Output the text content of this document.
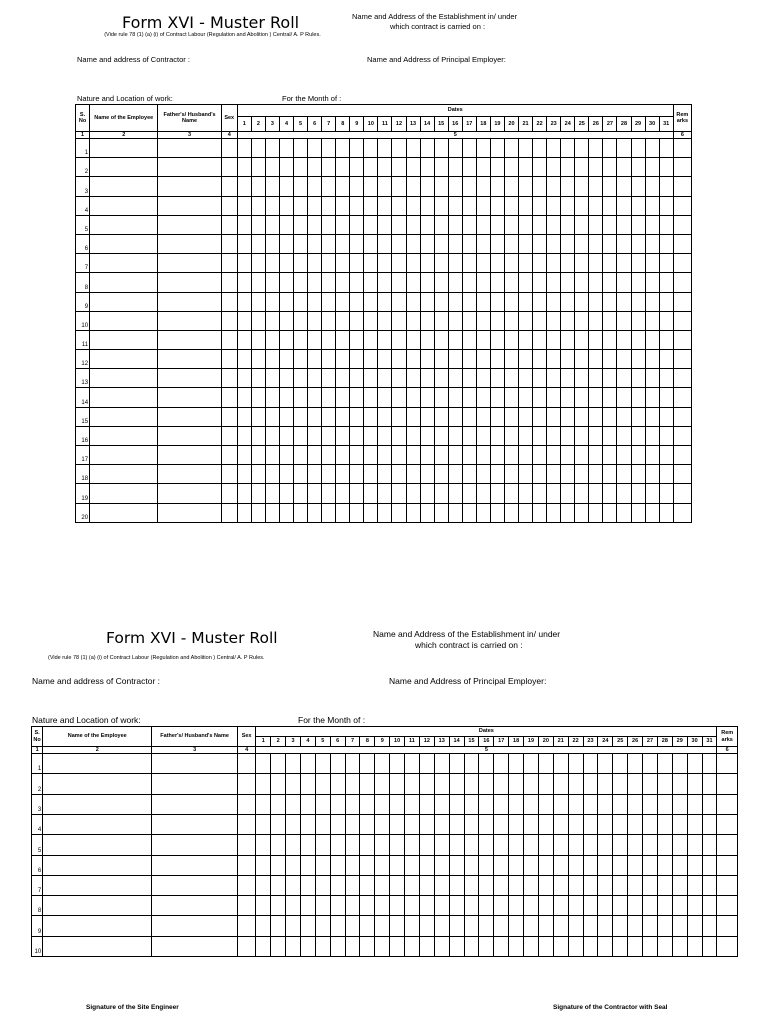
Form XVI - Muster Roll
(Vide rule 78 (1) (a) (i) of Contract Labour (Regulation and Abolition ) Central/ A. P Rules.
Name and Address of the Establishment in/ under
which contract is carried on :
Name and address of Contractor :	Name and Address of Principal Employer:
Nature and Location of work:	For the Month of :
S. No	Name of the Employee	Father's/ Husband's Name	Sex	Dates																															Rem arks
				1	2	3	4	5	6	7	8	9	10	11	12	13	14	15	16	17	18	19	20	21	22	23	24	25	26	27	28	29	30	31	
1	2	3	4	5																															6
1																																			
2																																			
3																																			
4																																			
5																																			
6																																			
7																																			
8																																			
9																																			
10																																			
11																																			
12																																			
13																																			
14																																			
15																																			
16																																			
17																																			
18																																			
19																																			
20																																			
Form XVI - Muster Roll
(Vide rule 78 (1) (a) (i) of Contract Labour (Regulation and Abolition ) Central/ A. P Rules.
Name and Address of the Establishment in/ under
which contract is carried on :
Name and address of Contractor :	Name and Address of Principal Employer:
Nature and Location of work:	For the Month of :
S. No	Name of the Employee	Father's/ Husband's Name	Sex	Dates																															Rem arks
				1	2	3	4	5	6	7	8	9	10	11	12	13	14	15	16	17	18	19	20	21	22	23	24	25	26	27	28	29	30	31	
1	2	3	4	5																															6
1																																			
2																																			
3																																			
4																																			
5																																			
6																																			
7																																			
8																																			
9																																			
10																																			
Signature of the Site Engineer	Signature of the Contractor with Seal
